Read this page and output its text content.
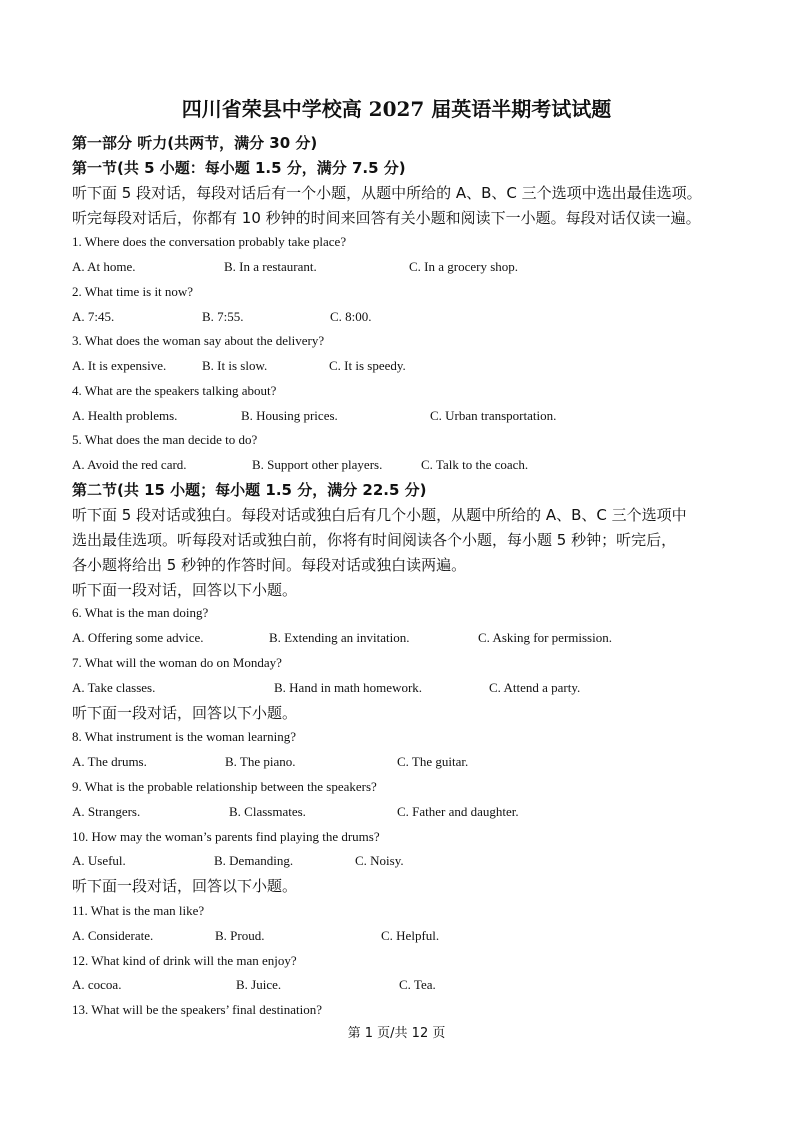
四川省荣县中学校高 2027 届英语半期考试试题
第一部分 听力(共两节，满分 30 分)
第一节(共 5 小题：每小题 1.5 分，满分 7.5 分)
听下面 5 段对话，每段对话后有一个小题，从题中所给的 A、B、C 三个选项中选出最佳选项。
听完每段对话后，你都有 10 秒钟的时间来回答有关小题和阅读下一小题。每段对话仅读一遍。
1. Where does the conversation probably take place?
A. At home.	B. In a restaurant.	C. In a grocery shop.
2. What time is it now?
A. 7:45.	B. 7:55.	C. 8:00.
3. What does the woman say about the delivery?
A. It is expensive.	B. It is slow.	C. It is speedy.
4. What are the speakers talking about?
A. Health problems.	B. Housing prices.	C. Urban transportation.
5. What does the man decide to do?
A. Avoid the red card.	B. Support other players.	C. Talk to the coach.
第二节(共 15 小题；每小题 1.5 分，满分 22.5 分)
听下面 5 段对话或独白。每段对话或独白后有几个小题，从题中所给的 A、B、C 三个选项中
选出最佳选项。听每段对话或独白前，你将有时间阅读各个小题，每小题 5 秒钟；听完后，
各小题将给出 5 秒钟的作答时间。每段对话或独白读两遍。
听下面一段对话，回答以下小题。
6. What is the man doing?
A. Offering some advice.	B. Extending an invitation.	C. Asking for permission.
7. What will the woman do on Monday?
A. Take classes.	B. Hand in math homework.	C. Attend a party.
听下面一段对话，回答以下小题。
8. What instrument is the woman learning?
A. The drums.	B. The piano.	C. The guitar.
9. What is the probable relationship between the speakers?
A. Strangers.	B. Classmates.	C. Father and daughter.
10. How may the woman’s parents find playing the drums?
A. Useful.	B. Demanding.	C. Noisy.
听下面一段对话，回答以下小题。
11. What is the man like?
A. Considerate.	B. Proud.	C. Helpful.
12. What kind of drink will the man enjoy?
A. cocoa.	B. Juice.	C. Tea.
13. What will be the speakers’ final destination?
第 1 页/共 12 页
